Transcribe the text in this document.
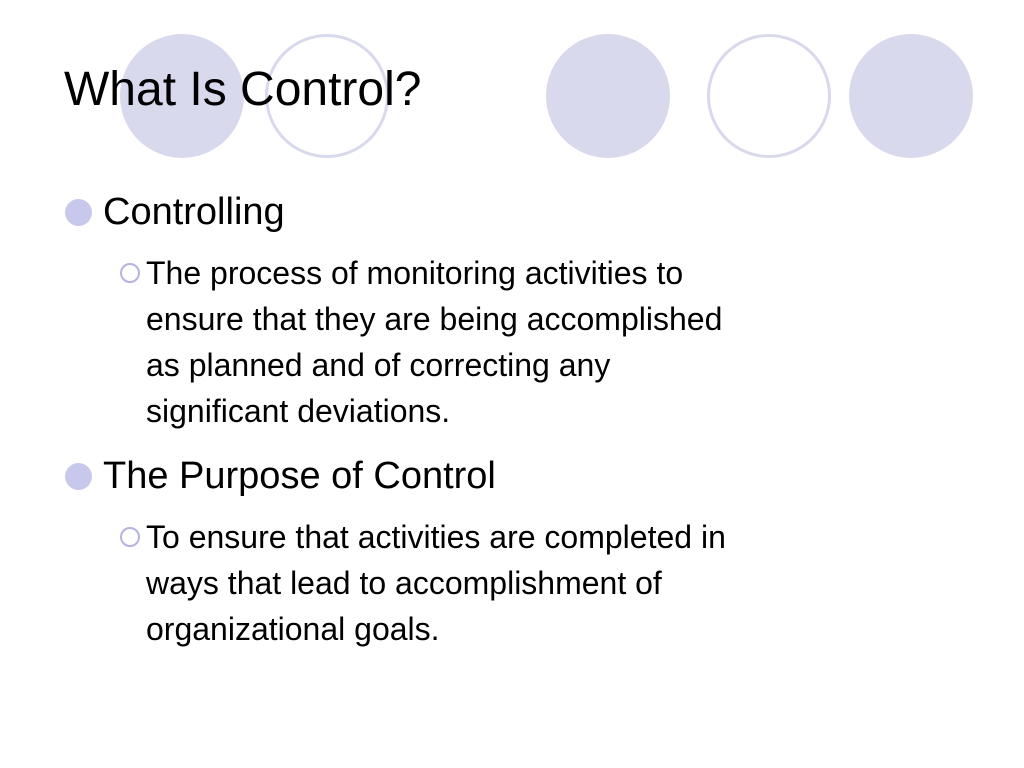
What Is Control?

Controlling

The process of monitoring activities to ensure that they are being accomplished as planned and of correcting any significant deviations.

The Purpose of Control

To ensure that activities are completed in ways that lead to accomplishment of organizational goals.
